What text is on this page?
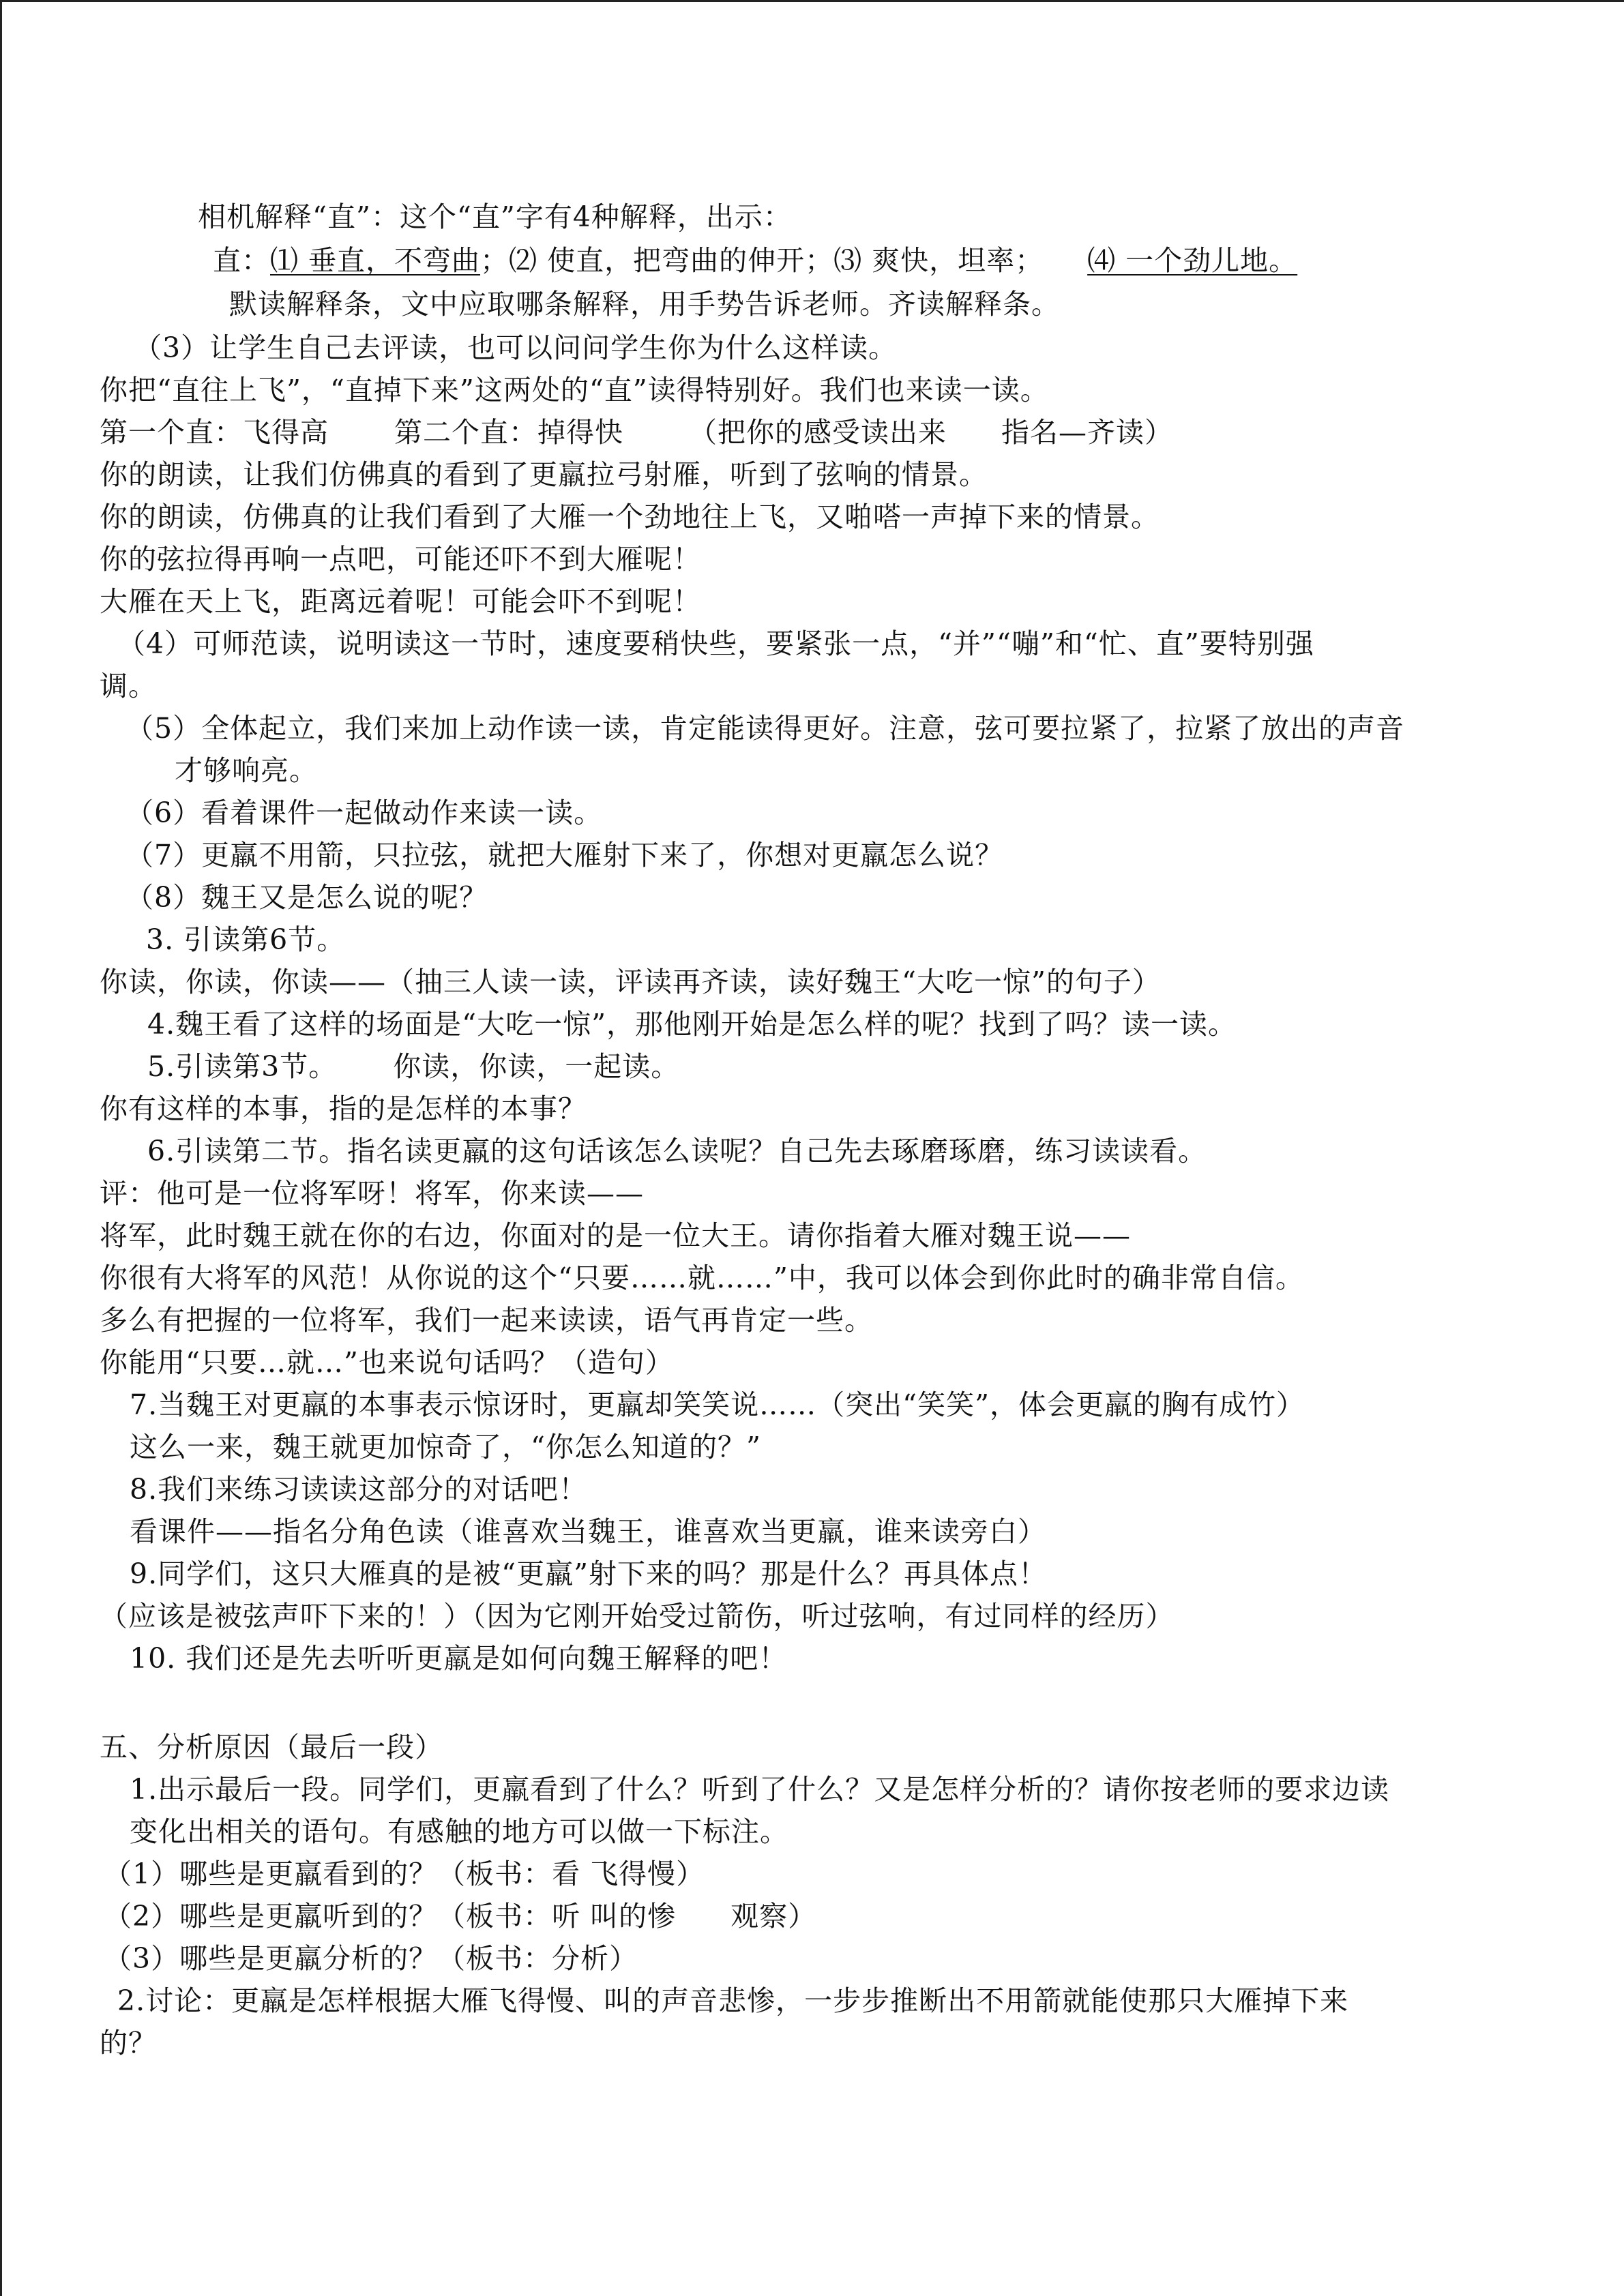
相机解释“直”：这个“直”字有4种解释，出示：
直：⑴ 垂直，不弯曲；⑵ 使直，把弯曲的伸开；⑶ 爽快，坦率； ⑷ 一个劲儿地。
默读解释条，文中应取哪条解释，用手势告诉老师。齐读解释条。
（3）让学生自己去评读，也可以问问学生你为什么这样读。
你把“直往上飞”，“直掉下来”这两处的“直”读得特别好。我们也来读一读。
第一个直：飞得高 第二个直：掉得快 （把你的感受读出来 指名—齐读）
你的朗读，让我们仿佛真的看到了更羸拉弓射雁，听到了弦响的情景。
你的朗读，仿佛真的让我们看到了大雁一个劲地往上飞，又啪嗒一声掉下来的情景。
你的弦拉得再响一点吧，可能还吓不到大雁呢！
大雁在天上飞，距离远着呢！可能会吓不到呢！
（4）可师范读，说明读这一节时，速度要稍快些，要紧张一点，“并”“嘣”和“忙、直”要特别强
调。
（5）全体起立，我们来加上动作读一读，肯定能读得更好。注意，弦可要拉紧了，拉紧了放出的声音
才够响亮。
（6）看着课件一起做动作来读一读。
（7）更羸不用箭，只拉弦，就把大雁射下来了，你想对更羸怎么说？
（8）魏王又是怎么说的呢？
3. 引读第6节。
你读，你读，你读——（抽三人读一读，评读再齐读，读好魏王“大吃一惊”的句子）
4.魏王看了这样的场面是“大吃一惊”，那他刚开始是怎么样的呢？找到了吗？读一读。
5.引读第3节。 你读，你读，一起读。
你有这样的本事，指的是怎样的本事？
6.引读第二节。指名读更羸的这句话该怎么读呢？自己先去琢磨琢磨，练习读读看。
评：他可是一位将军呀！将军，你来读——
将军，此时魏王就在你的右边，你面对的是一位大王。请你指着大雁对魏王说——
你很有大将军的风范！从你说的这个“只要……就……”中，我可以体会到你此时的确非常自信。
多么有把握的一位将军，我们一起来读读，语气再肯定一些。
你能用“只要…就…”也来说句话吗？（造句）
7.当魏王对更羸的本事表示惊讶时，更羸却笑笑说……（突出“笑笑”，体会更羸的胸有成竹）
这么一来，魏王就更加惊奇了，“你怎么知道的？”
8.我们来练习读读这部分的对话吧！
看课件——指名分角色读（谁喜欢当魏王，谁喜欢当更羸，谁来读旁白）
9.同学们，这只大雁真的是被“更羸”射下来的吗？那是什么？再具体点！
（应该是被弦声吓下来的！）（因为它刚开始受过箭伤，听过弦响，有过同样的经历）
10. 我们还是先去听听更羸是如何向魏王解释的吧！
五、分析原因（最后一段）
1.出示最后一段。同学们，更羸看到了什么？听到了什么？又是怎样分析的？请你按老师的要求边读
变化出相关的语句。有感触的地方可以做一下标注。
（1）哪些是更羸看到的？（板书：看 飞得慢）
（2）哪些是更羸听到的？（板书：听 叫的惨 观察）
（3）哪些是更羸分析的？（板书：分析）
2.讨论：更羸是怎样根据大雁飞得慢、叫的声音悲惨，一步步推断出不用箭就能使那只大雁掉下来
的？
